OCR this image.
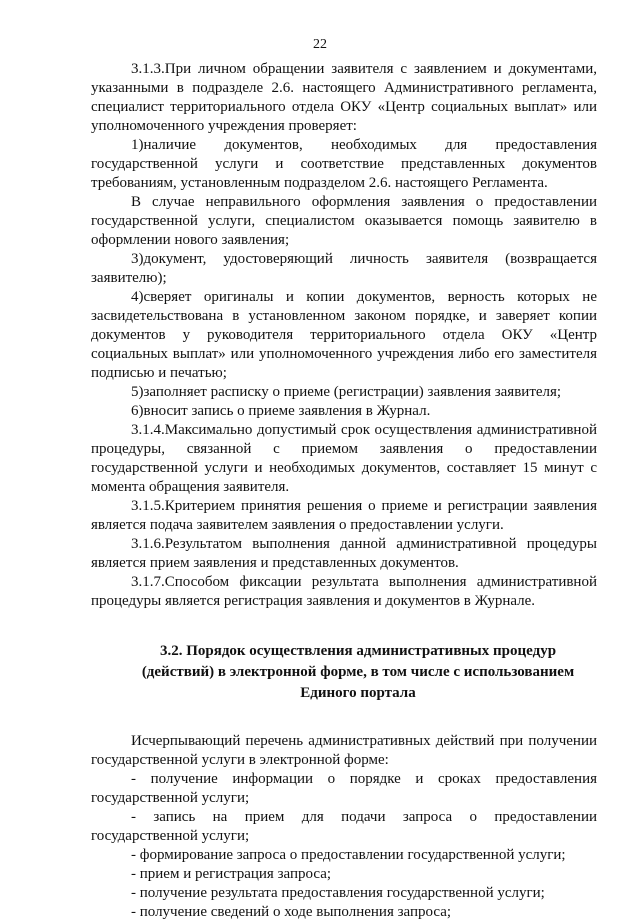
22

3.1.3.При личном обращении заявителя с заявлением и документами, указанными в подразделе 2.6. настоящего Административного регламента, специалист территориального отдела ОКУ «Центр социальных выплат» или уполномоченного учреждения проверяет:

1)наличие документов, необходимых для предоставления государственной услуги и соответствие представленных документов требованиям, установленным подразделом 2.6. настоящего Регламента.

В случае неправильного оформления заявления о предоставлении государственной услуги, специалистом оказывается помощь заявителю в оформлении нового заявления;

3)документ, удостоверяющий личность заявителя (возвращается заявителю);

4)сверяет оригиналы и копии документов, верность которых не засвидетельствована в установленном законом порядке, и заверяет копии документов у руководителя территориального отдела ОКУ «Центр социальных выплат» или уполномоченного учреждения либо его заместителя подписью и печатью;

5)заполняет расписку о приеме (регистрации) заявления заявителя;

6)вносит запись о приеме заявления в Журнал.

3.1.4.Максимально допустимый срок осуществления административной процедуры, связанной с приемом заявления о предоставлении государственной услуги и необходимых документов, составляет 15 минут с момента обращения заявителя.

3.1.5.Критерием принятия решения о приеме и регистрации заявления является подача заявителем заявления о предоставлении услуги.

3.1.6.Результатом выполнения данной административной процедуры является прием заявления и представленных документов.

3.1.7.Способом фиксации результата выполнения административной процедуры является регистрация заявления и документов в Журнале.

3.2. Порядок осуществления административных процедур
(действий) в электронной форме, в том числе с использованием
Единого портала

Исчерпывающий перечень административных действий при получении государственной услуги в электронной форме:

- получение информации о порядке и сроках предоставления государственной услуги;

- запись на прием для подачи запроса о предоставлении государственной услуги;

- формирование запроса о предоставлении государственной услуги;

- прием и регистрация запроса;

- получение результата предоставления государственной услуги;

- получение сведений о ходе выполнения запроса;
